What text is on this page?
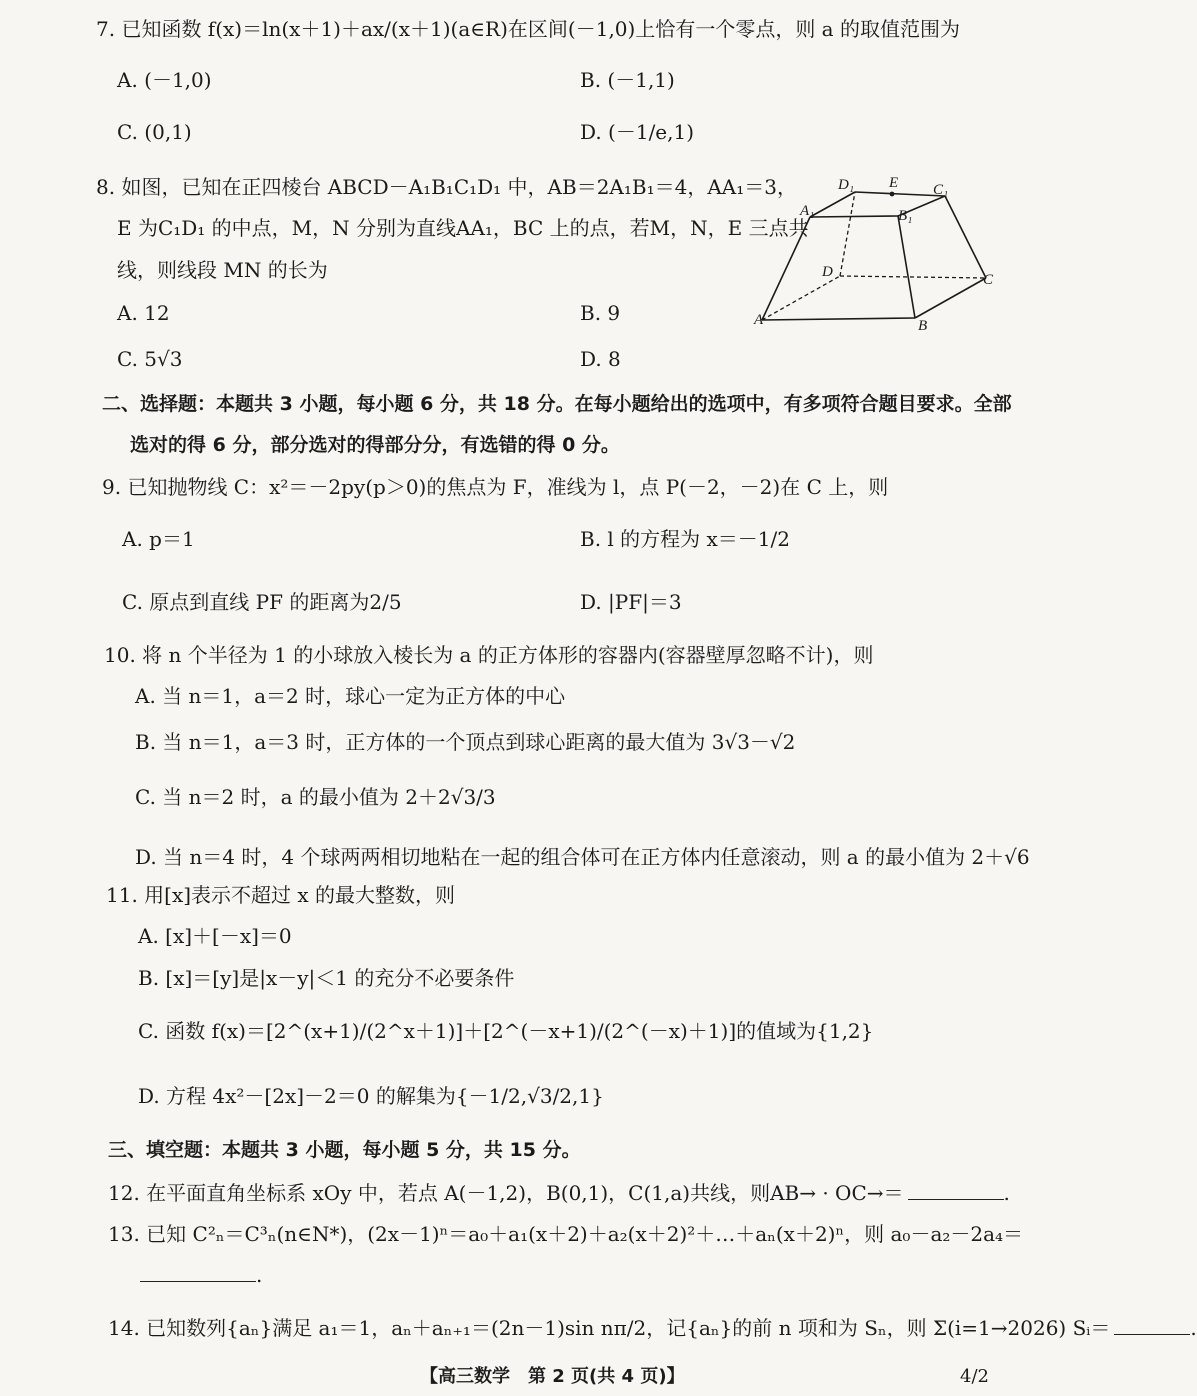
7. 已知函数 f(x)＝ln(x＋1)＋ax/(x＋1)(a∈R)在区间(－1,0)上恰有一个零点，则 a 的取值范围为
A. (－1,0)	B. (－1,1)
C. (0,1)	D. (－1/e,1)
8. 如图，已知在正四棱台 ABCD－A₁B₁C₁D₁ 中，AB＝2A₁B₁＝4，AA₁＝3，
E 为C₁D₁ 的中点，M，N 分别为直线AA₁，BC 上的点，若M，N，E 三点共
线，则线段 MN 的长为
A. 12	B. 9
C. 5√3	D. 8
D₁ E C₁
A₁	B₁
D	C
A	B
二、选择题：本题共 3 小题，每小题 6 分，共 18 分。在每小题给出的选项中，有多项符合题目要求。全部
选对的得 6 分，部分选对的得部分分，有选错的得 0 分。
9. 已知抛物线 C：x²＝－2py(p＞0)的焦点为 F，准线为 l，点 P(－2，－2)在 C 上，则
A. p＝1	B. l 的方程为 x＝－1/2
C. 原点到直线 PF 的距离为2/5	D. |PF|＝3
10. 将 n 个半径为 1 的小球放入棱长为 a 的正方体形的容器内(容器壁厚忽略不计)，则
A. 当 n＝1，a＝2 时，球心一定为正方体的中心
B. 当 n＝1，a＝3 时，正方体的一个顶点到球心距离的最大值为 3√3－√2
C. 当 n＝2 时，a 的最小值为 2＋2√3/3
D. 当 n＝4 时，4 个球两两相切地粘在一起的组合体可在正方体内任意滚动，则 a 的最小值为 2＋√6
11. 用[x]表示不超过 x 的最大整数，则
A. [x]＋[－x]＝0
B. [x]＝[y]是|x－y|＜1 的充分不必要条件
C. 函数 f(x)＝[2^(x+1)/(2^x＋1)]＋[2^(－x+1)/(2^(－x)＋1)]的值域为{1,2}
D. 方程 4x²－[2x]－2＝0 的解集为{－1/2,√3/2,1}
三、填空题：本题共 3 小题，每小题 5 分，共 15 分。
12. 在平面直角坐标系 xOy 中，若点 A(－1,2)，B(0,1)，C(1,a)共线，则AB→ · OC→＝	.
13. 已知 C²ₙ＝C³ₙ(n∈N*)，(2x－1)ⁿ＝a₀＋a₁(x＋2)＋a₂(x＋2)²＋…＋aₙ(x＋2)ⁿ，则 a₀－a₂－2a₄＝
.
14. 已知数列{aₙ}满足 a₁＝1，aₙ＋aₙ₊₁＝(2n－1)sin nπ/2，记{aₙ}的前 n 项和为 Sₙ，则 Σ(i=1→2026) Sᵢ＝	.
【高三数学　第 2 页(共 4 页)】	4/2
